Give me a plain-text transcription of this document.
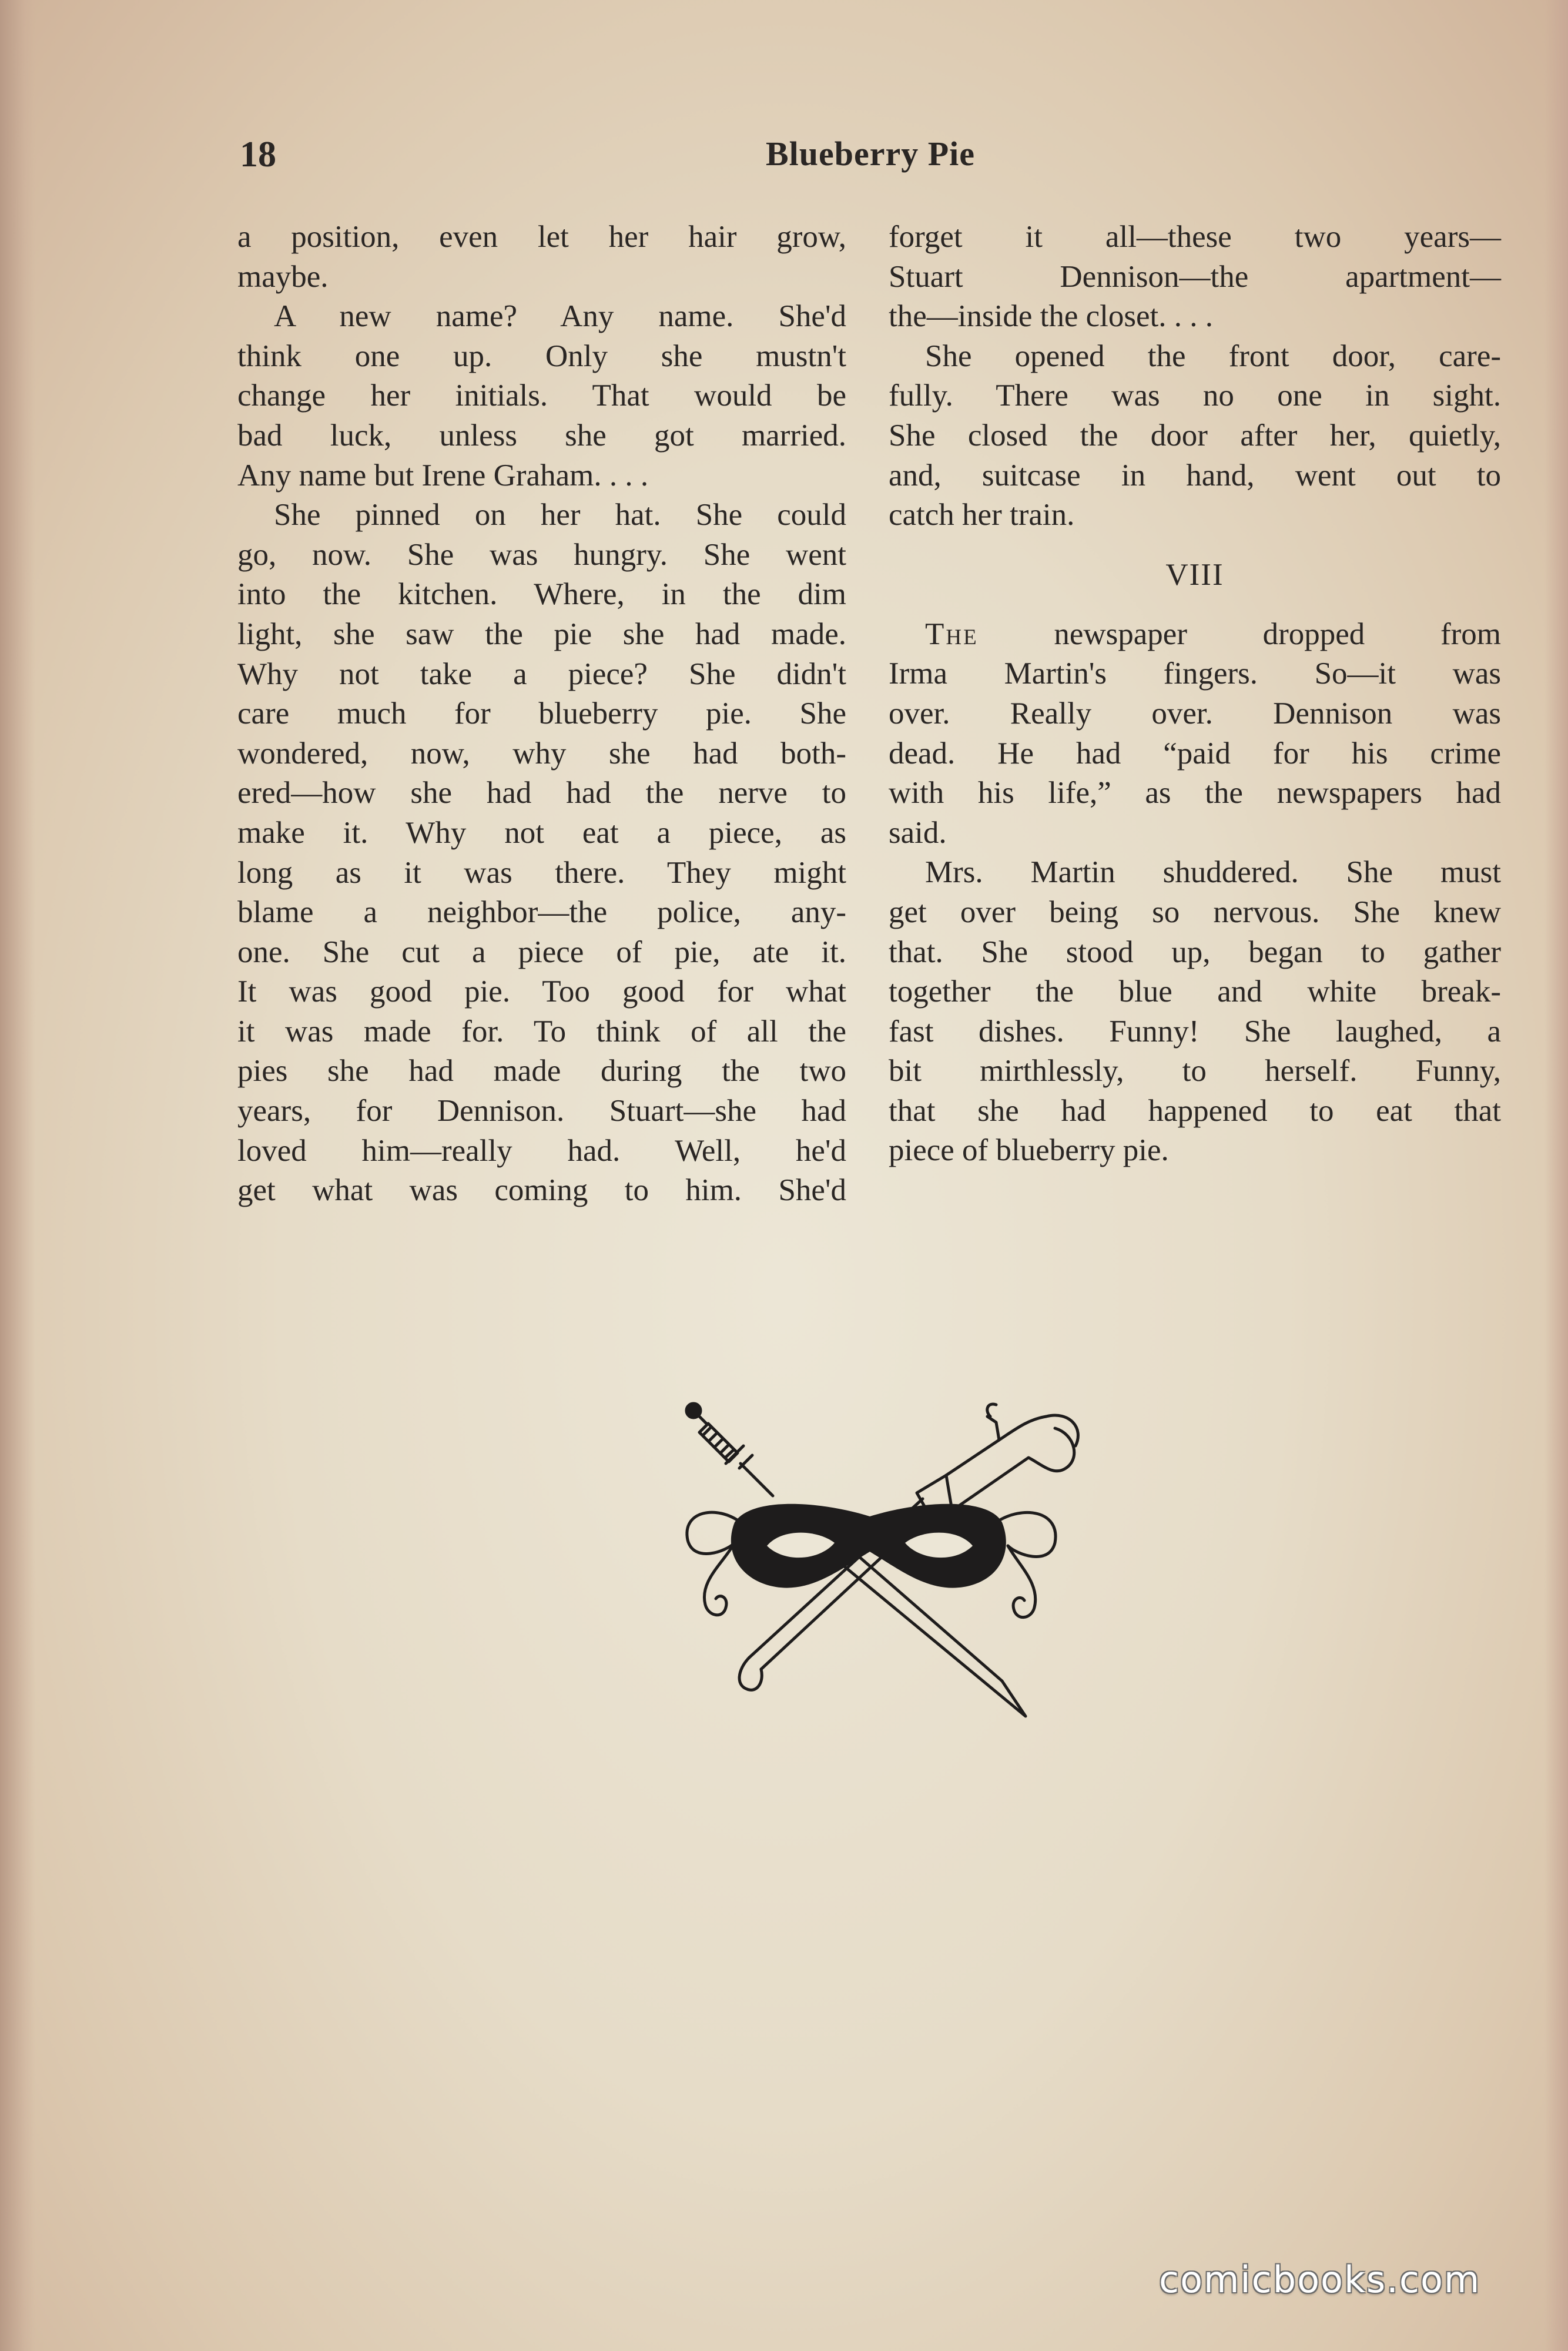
18	Blueberry Pie
a position, even let her hair grow,
maybe.
A new name? Any name. She'd
think one up. Only she mustn't
change her initials. That would be
bad luck, unless she got married.
Any name but Irene Graham. . . .
She pinned on her hat. She could
go, now. She was hungry. She went
into the kitchen. Where, in the dim
light, she saw the pie she had made.
Why not take a piece? She didn't
care much for blueberry pie. She
wondered, now, why she had both-
ered—how she had had the nerve to
make it. Why not eat a piece, as
long as it was there. They might
blame a neighbor—the police, any-
one. She cut a piece of pie, ate it.
It was good pie. Too good for what
it was made for. To think of all the
pies she had made during the two
years, for Dennison. Stuart—she had
loved him—really had. Well, he'd
get what was coming to him. She'd
forget it all—these two years—
Stuart Dennison—the apartment—
the—inside the closet. . . .
She opened the front door, care-
fully. There was no one in sight.
She closed the door after her, quietly,
and, suitcase in hand, went out to
catch her train.
VIII
The newspaper dropped from
Irma Martin's fingers. So—it was
over. Really over. Dennison was
dead. He had “paid for his crime
with his life,” as the newspapers had
said.
Mrs. Martin shuddered. She must
get over being so nervous. She knew
that. She stood up, began to gather
together the blue and white break-
fast dishes. Funny! She laughed, a
bit mirthlessly, to herself. Funny,
that she had happened to eat that
piece of blueberry pie.
comicbooks.com
